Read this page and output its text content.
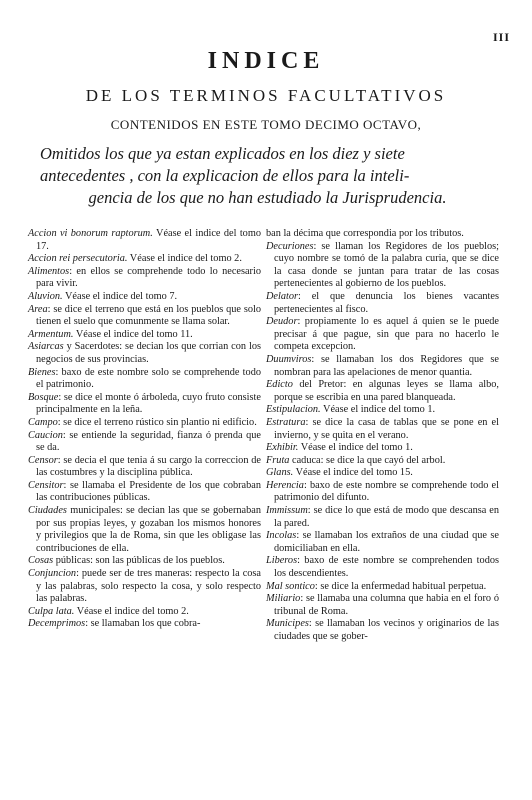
III
INDICE
DE LOS TERMINOS FACULTATIVOS
CONTENIDOS EN ESTE TOMO DECIMO OCTAVO,
Omitidos los que ya estan explicados en los diez y siete
antecedentes , con la explicacion de ellos para la inteli-
gencia de los que no han estudiado la Jurisprudencia.
Accion vi bonorum raptorum. Véase el indice del tomo 17.
Accion rei persecutoria. Véase el indice del tomo 2.
Alimentos: en ellos se comprehende todo lo necesario para vivir.
Aluvion. Véase el indice del tomo 7.
Area: se dice el terreno que está en los pueblos que solo tienen el suelo que comunmente se llama solar.
Armentum. Véase el indice del tomo 11.
Asiarcas y Sacerdotes: se decian los que corrian con los negocios de sus provincias.
Bienes: baxo de este nombre solo se comprehende todo el patrimonio.
Bosque: se dice el monte ó árboleda, cuyo fruto consiste principalmente en la leña.
Campo: se dice el terreno rústico sin plantio ni edificio.
Caucion: se entiende la seguridad, fianza ó prenda que se da.
Censor: se decia el que tenia á su cargo la correccion de las costumbres y la disciplina pública.
Censitor: se llamaba el Presidente de los que cobraban las contribuciones públicas.
Ciudades municipales: se decian las que se gobernaban por sus propias leyes, y gozaban los mismos honores y privilegios que la de Roma, sin que les obligase las contribuciones de ella.
Cosas públicas: son las públicas de los pueblos.
Conjuncion: puede ser de tres maneras: respecto la cosa y las palabras, solo respecto la cosa, y solo respecto las palabras.
Culpa lata. Véase el indice del tomo 2.
Decemprimos: se llamaban los que cobra-
ban la décima que correspondia por los tributos.
Decuriones: se llaman los Regidores de los pueblos; cuyo nombre se tomó de la palabra curia, que se dice la casa donde se juntan para tratar de las cosas pertenecientes al gobierno de los pueblos.
Delator: el que denuncia los bienes vacantes pertenecientes al fisco.
Deudor: propiamente lo es aquel á quien se le puede precisar á que pague, sin que para no hacerlo le competa excepcion.
Duumviros: se llamaban los dos Regidores que se nombran para las apelaciones de menor quantia.
Edicto del Pretor: en algunas leyes se llama albo, porque se escribia en una pared blanqueada.
Estipulacion. Véase el indice del tomo 1.
Estratura: se dice la casa de tablas que se pone en el invierno, y se quita en el verano.
Exhibir. Véase el indice del tomo 1.
Fruta caduca: se dice la que cayó del arbol.
Glans. Véase el indice del tomo 15.
Herencia: baxo de este nombre se comprehende todo el patrimonio del difunto.
Immissum: se dice lo que está de modo que descansa en la pared.
Incolas: se llamaban los extraños de una ciudad que se domiciliaban en ella.
Liberos: baxo de este nombre se comprehenden todos los descendientes.
Mal sontico: se dice la enfermedad habitual perpetua.
Miliario: se llamaba una columna que habia en el foro ó tribunal de Roma.
Municipes: se llamaban los vecinos y originarios de las ciudades que se gober-
